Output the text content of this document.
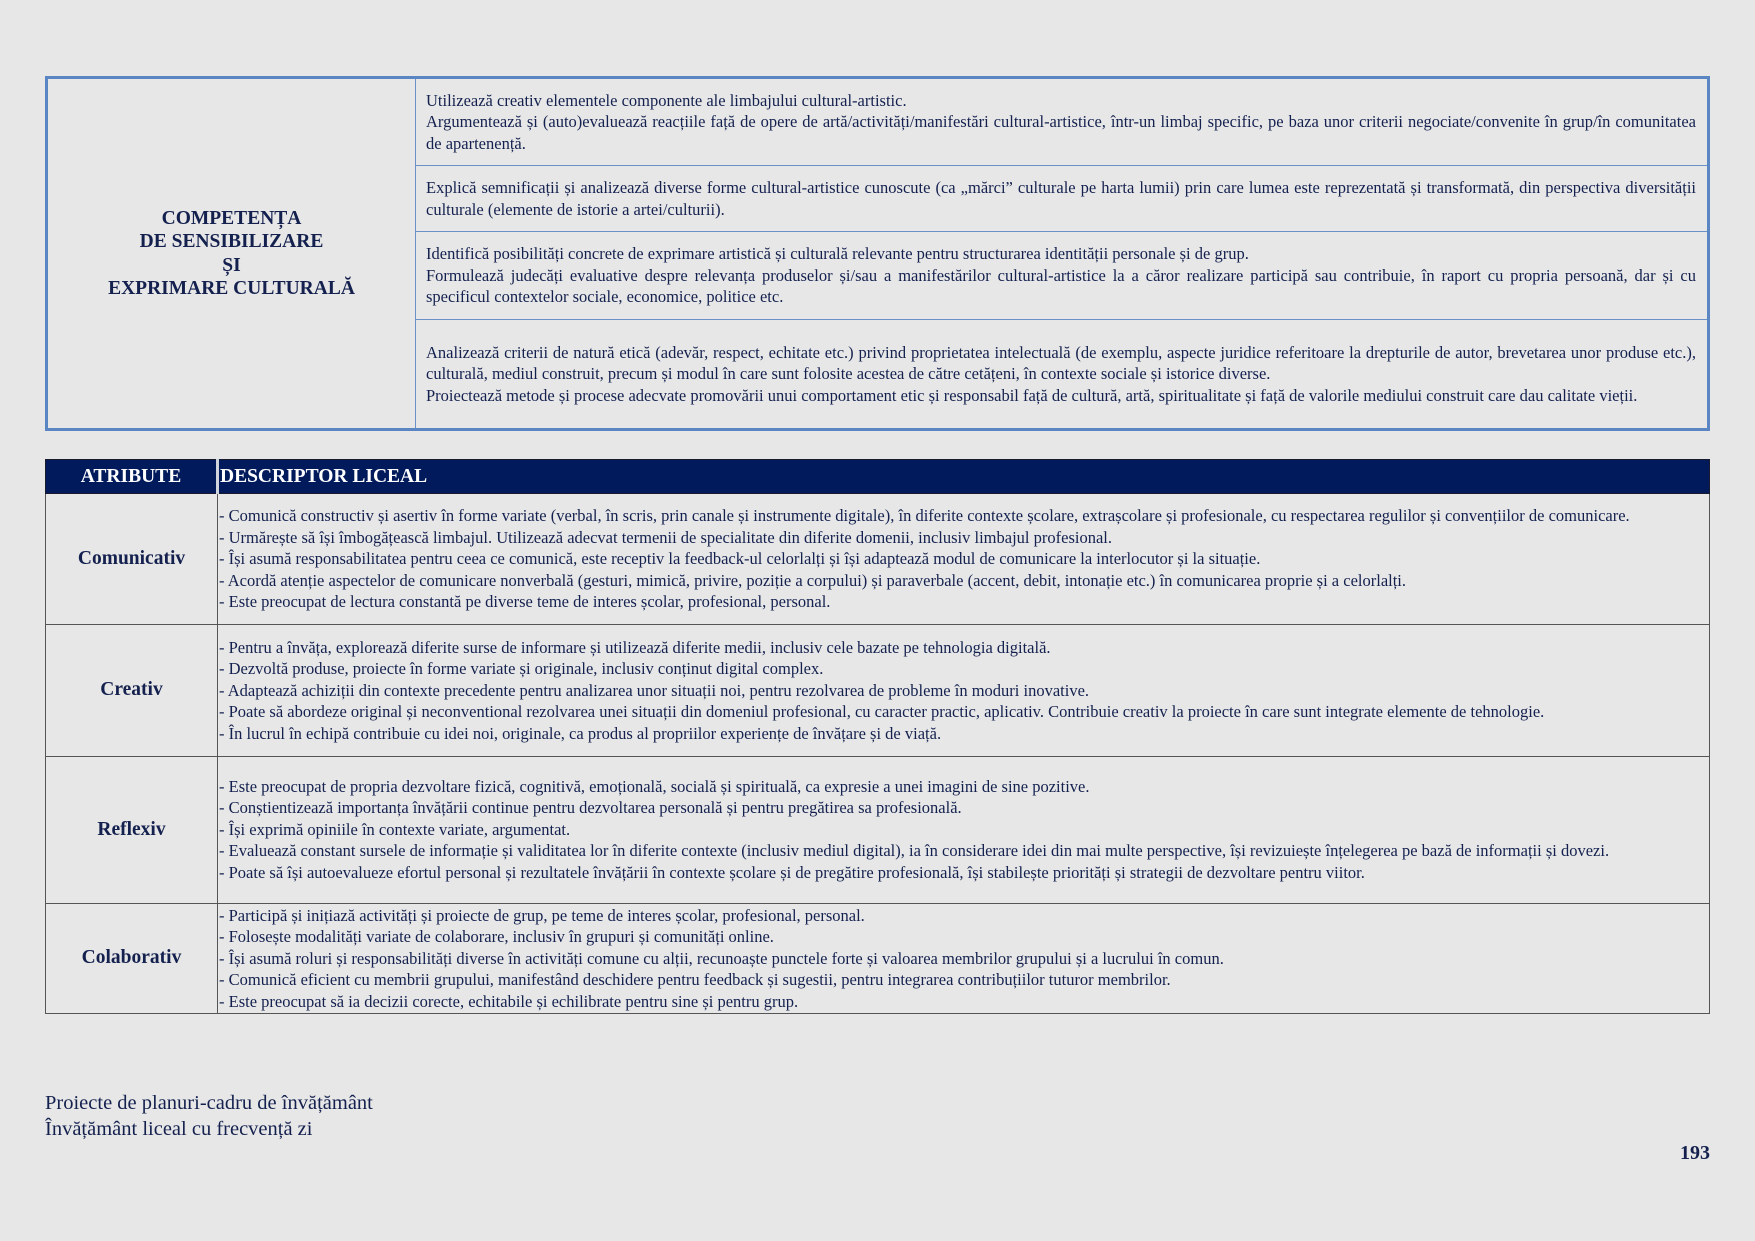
COMPETENȚA
DE SENSIBILIZARE
ȘI
EXPRIMARE CULTURALĂ

Utilizează creativ elementele componente ale limbajului cultural-artistic.
Argumentează și (auto)evaluează reacțiile față de opere de artă/activități/manifestări cultural-artistice, într-un limbaj specific, pe baza unor criterii negociate/convenite în grup/în comunitatea de apartenență.

Explică semnificații și analizează diverse forme cultural-artistice cunoscute (ca „mărci” culturale pe harta lumii) prin care lumea este reprezentată și transformată, din perspectiva diversității culturale (elemente de istorie a artei/culturii).

Identifică posibilități concrete de exprimare artistică și culturală relevante pentru structurarea identității personale și de grup.
Formulează judecăți evaluative despre relevanța produselor și/sau a manifestărilor cultural-artistice la a căror realizare participă sau contribuie, în raport cu propria persoană, dar și cu specificul contextelor sociale, economice, politice etc.

Analizează criterii de natură etică (adevăr, respect, echitate etc.) privind proprietatea intelectuală (de exemplu, aspecte juridice referitoare la drepturile de autor, brevetarea unor produse etc.), culturală, mediul construit, precum și modul în care sunt folosite acestea de către cetățeni, în contexte sociale și istorice diverse.
Proiectează metode și procese adecvate promovării unui comportament etic și responsabil față de cultură, artă, spiritualitate și față de valorile mediului construit care dau calitate vieții.
ATRIBUTE	DESCRIPTOR LICEAL
Comunicativ	- Comunică constructiv și asertiv în forme variate (verbal, în scris, prin canale și instrumente digitale), în diferite contexte școlare, extrașcolare și profesionale, cu respectarea regulilor și convențiilor de comunicare.
- Urmărește să își îmbogățească limbajul. Utilizează adecvat termenii de specialitate din diferite domenii, inclusiv limbajul profesional.
- Își asumă responsabilitatea pentru ceea ce comunică, este receptiv la feedback-ul celorlalți și își adaptează modul de comunicare la interlocutor și la situație.
- Acordă atenție aspectelor de comunicare nonverbală (gesturi, mimică, privire, poziție a corpului) și paraverbale (accent, debit, intonație etc.) în comunicarea proprie și a celorlalți.
- Este preocupat de lectura constantă pe diverse teme de interes școlar, profesional, personal.

Creativ	- Pentru a învăța, explorează diferite surse de informare și utilizează diferite medii, inclusiv cele bazate pe tehnologia digitală.
- Dezvoltă produse, proiecte în forme variate și originale, inclusiv conținut digital complex.
- Adaptează achiziții din contexte precedente pentru analizarea unor situații noi, pentru rezolvarea de probleme în moduri inovative.
- Poate să abordeze original și neconventional rezolvarea unei situații din domeniul profesional, cu caracter practic, aplicativ. Contribuie creativ la proiecte în care sunt integrate elemente de tehnologie.
- În lucrul în echipă contribuie cu idei noi, originale, ca produs al propriilor experiențe de învățare și de viață.

Reflexiv	- Este preocupat de propria dezvoltare fizică, cognitivă, emoțională, socială și spirituală, ca expresie a unei imagini de sine pozitive.
- Conștientizează importanța învățării continue pentru dezvoltarea personală și pentru pregătirea sa profesională.
- Își exprimă opiniile în contexte variate, argumentat.
- Evaluează constant sursele de informație și validitatea lor în diferite contexte (inclusiv mediul digital), ia în considerare idei din mai multe perspective, își revizuiește înțelegerea pe bază de informații și dovezi.
- Poate să își autoevalueze efortul personal și rezultatele învățării în contexte școlare și de pregătire profesională, își stabilește priorități și strategii de dezvoltare pentru viitor.

Colaborativ	- Participă și inițiază activități și proiecte de grup, pe teme de interes școlar, profesional, personal.
- Folosește modalități variate de colaborare, inclusiv în grupuri și comunități online.
- Își asumă roluri și responsabilități diverse în activități comune cu alții, recunoaște punctele forte și valoarea membrilor grupului și a lucrului în comun.
- Comunică eficient cu membrii grupului, manifestând deschidere pentru feedback și sugestii, pentru integrarea contribuțiilor tuturor membrilor.
- Este preocupat să ia decizii corecte, echitabile și echilibrate pentru sine și pentru grup.
Proiecte de planuri-cadru de învățământ
Învățământ liceal cu frecvență zi
193
